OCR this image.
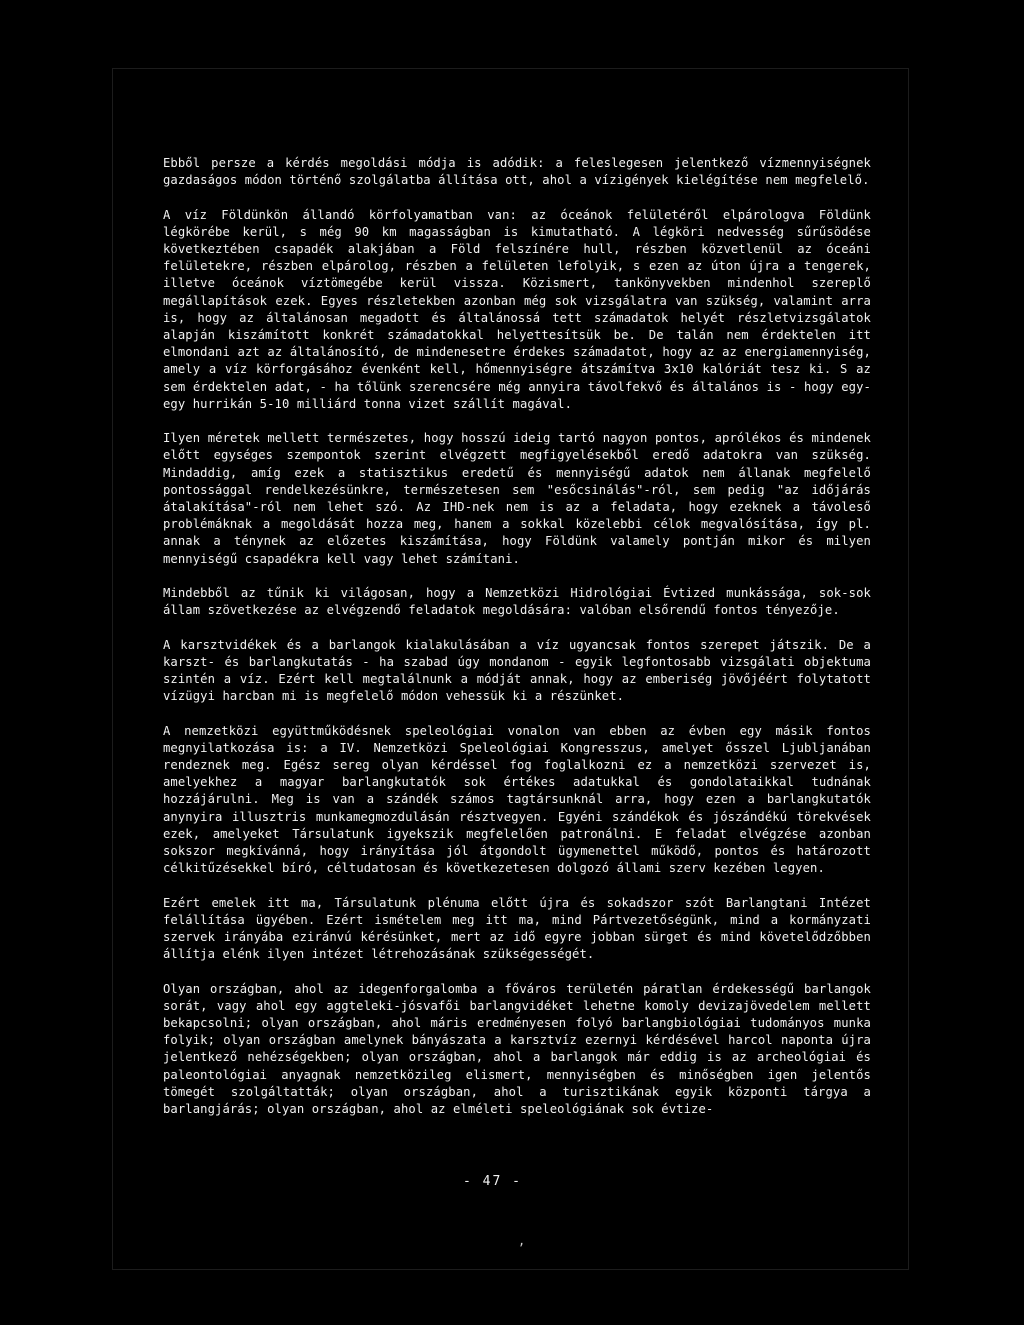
Ebből persze a kérdés megoldási módja is adódik: a feleslegesen jelentkező vízmennyiségnek gazdaságos módon történő szolgálatba állítása ott, ahol a vízigények kielégítése nem megfelelő.

A víz Földünkön állandó körfolyamatban van: az óceánok felületéről elpárologva Földünk légkörébe kerül, s még 90 km magasságban is kimutatható. A légköri nedvesség sűrűsödése következtében csapadék alakjában a Föld felszínére hull, részben közvetlenül az óceáni felületekre, részben elpárolog, részben a felületen lefolyik, s ezen az úton újra a tengerek, illetve óceánok víztömegébe kerül vissza. Közismert, tankönyvekben mindenhol szereplő megállapítások ezek. Egyes részletekben azonban még sok vizsgálatra van szükség, valamint arra is, hogy az általánosan megadott és általánossá tett számadatok helyét részletvizsgálatok alapján kiszámított konkrét számadatokkal helyettesítsük be. De talán nem érdektelen itt elmondani azt az általánosító, de mindenesetre érdekes számadatot, hogy az az energiamennyiség, amely a víz körforgásához évenként kell, hőmennyiségre átszámítva 3x10 kalóriát tesz ki. S az sem érdektelen adat, - ha tőlünk szerencsére még annyira távolfekvő és általános is - hogy egy-egy hurrikán 5-10 milliárd tonna vizet szállít magával.

Ilyen méretek mellett természetes, hogy hosszú ideig tartó nagyon pontos, aprólékos és mindenek előtt egységes szempontok szerint elvégzett megfigyelésekből eredő adatokra van szükség. Mindaddig, amíg ezek a statisztikus eredetű és mennyiségű adatok nem állanak megfelelő pontossággal rendelkezésünkre, természetesen sem "esőcsinálás"-ról, sem pedig "az időjárás átalakítása"-ról nem lehet szó. Az IHD-nek nem is az a feladata, hogy ezeknek a távoleső problémáknak a megoldását hozza meg, hanem a sokkal közelebbi célok megvalósítása, így pl. annak a ténynek az előzetes kiszámítása, hogy Földünk valamely pontján mikor és milyen mennyiségű csapadékra kell vagy lehet számítani.

Mindebből az tűnik ki világosan, hogy a Nemzetközi Hidrológiai Évtized munkássága, sok-sok állam szövetkezése az elvégzendő feladatok megoldására: valóban elsőrendű fontos tényezője.

A karsztvidékek és a barlangok kialakulásában a víz ugyancsak fontos szerepet játszik. De a karszt- és barlangkutatás - ha szabad úgy mondanom - egyik legfontosabb vizsgálati objektuma szintén a víz. Ezért kell megtalálnunk a módját annak, hogy az emberiség jövőjéért folytatott vízügyi harcban mi is megfelelő módon vehessük ki a részünket.

A nemzetközi együttműködésnek speleológiai vonalon van ebben az évben egy másik fontos megnyilatkozása is: a IV. Nemzetközi Speleológiai Kongresszus, amelyet ősszel Ljubljanában rendeznek meg. Egész sereg olyan kérdéssel fog foglalkozni ez a nemzetközi szervezet is, amelyekhez a magyar barlangkutatók sok értékes adatukkal és gondolataikkal tudnának hozzájárulni. Meg is van a szándék számos tagtársunknál arra, hogy ezen a barlangkutatók anynyira illusztris munkamegmozdulásán résztvegyen. Egyéni szándékok és jószándékú törekvések ezek, amelyeket Társulatunk igyekszik megfelelően patronálni. E feladat elvégzése azonban sokszor megkívánná, hogy irányítása jól átgondolt ügymenettel működő, pontos és határozott célkitűzésekkel bíró, céltudatosan és következetesen dolgozó állami szerv kezében legyen.

Ezért emelek itt ma, Társulatunk plénuma előtt újra és sokadszor szót Barlangtani Intézet felállítása ügyében. Ezért ismételem meg itt ma, mind Pártvezetőségünk, mind a kormányzati szervek irányába eziránvú kérésünket, mert az idő egyre jobban sürget és mind követelődzőbben állítja elénk ilyen intézet létrehozásának szükségességét.

Olyan országban, ahol az idegenforgalomba a főváros területén páratlan érdekességű barlangok sorát, vagy ahol egy aggteleki-jósvafői barlangvidéket lehetne komoly devizajövedelem mellett bekapcsolni; olyan országban, ahol máris eredményesen folyó barlangbiológiai tudományos munka folyik; olyan országban amelynek bányászata a karsztvíz ezernyi kérdésével harcol naponta újra jelentkező nehézségekben; olyan országban, ahol a barlangok már eddig is az archeológiai és paleontológiai anyagnak nemzetközileg elismert, mennyiségben és minőségben igen jelentős tömegét szolgáltatták; olyan országban, ahol a turisztikának egyik központi tárgya a barlangjárás; olyan országban, ahol az elméleti speleológiának sok évtize-

- 47 -
,
